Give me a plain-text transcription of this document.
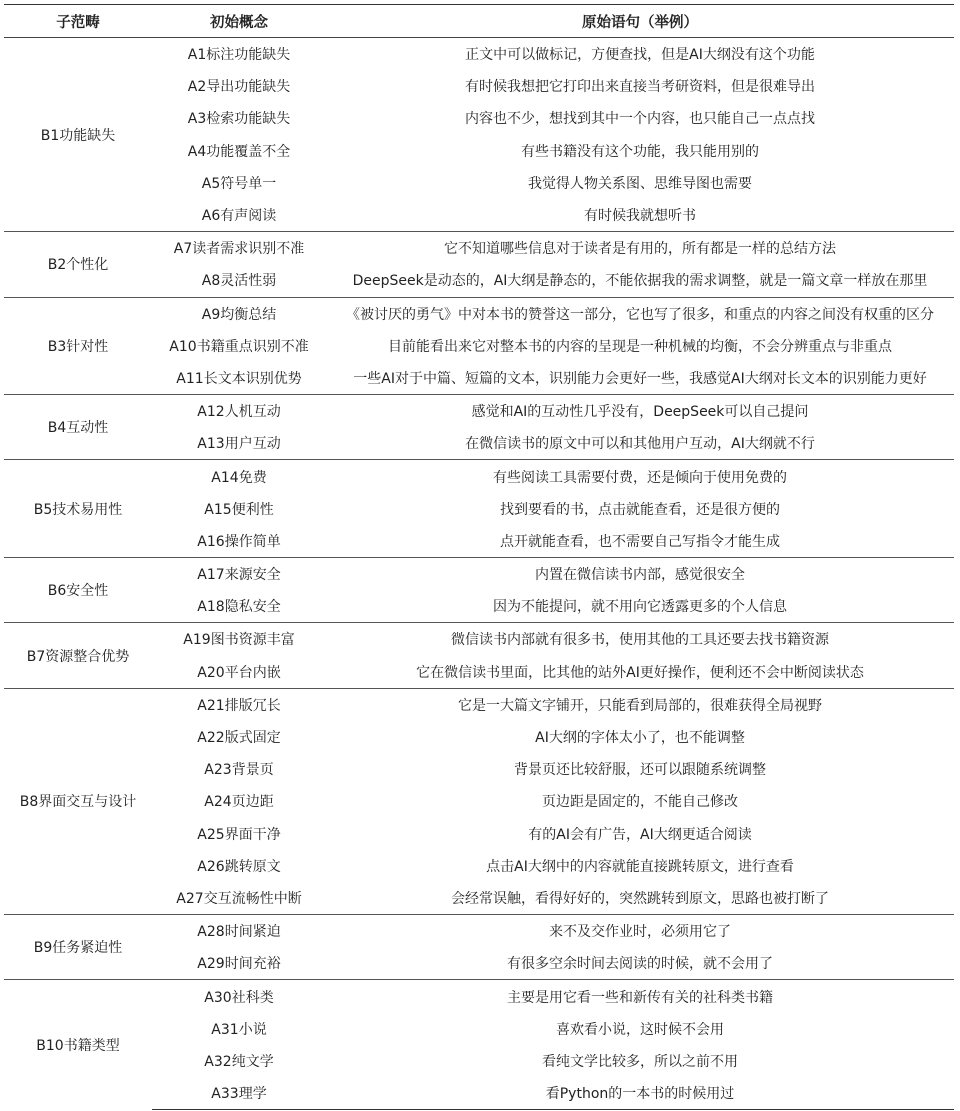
子范畴	初始概念	原始语句（举例）
B1功能缺失	A1标注功能缺失	正文中可以做标记，方便查找，但是AI大纲没有这个功能
	A2导出功能缺失	有时候我想把它打印出来直接当考研资料，但是很难导出
	A3检索功能缺失	内容也不少，想找到其中一个内容，也只能自己一点点找
	A4功能覆盖不全	有些书籍没有这个功能，我只能用别的
	A5符号单一	我觉得人物关系图、思维导图也需要
	A6有声阅读	有时候我就想听书
B2个性化	A7读者需求识别不准	它不知道哪些信息对于读者是有用的，所有都是一样的总结方法
	A8灵活性弱	DeepSeek是动态的，AI大纲是静态的，不能依据我的需求调整，就是一篇文章一样放在那里
B3针对性	A9均衡总结	《被讨厌的勇气》中对本书的赞誉这一部分，它也写了很多，和重点的内容之间没有权重的区分
	A10书籍重点识别不准	目前能看出来它对整本书的内容的呈现是一种机械的均衡，不会分辨重点与非重点
	A11长文本识别优势	一些AI对于中篇、短篇的文本，识别能力会更好一些，我感觉AI大纲对长文本的识别能力更好
B4互动性	A12人机互动	感觉和AI的互动性几乎没有，DeepSeek可以自己提问
	A13用户互动	在微信读书的原文中可以和其他用户互动，AI大纲就不行
B5技术易用性	A14免费	有些阅读工具需要付费，还是倾向于使用免费的
	A15便利性	找到要看的书，点击就能查看，还是很方便的
	A16操作简单	点开就能查看，也不需要自己写指令才能生成
B6安全性	A17来源安全	内置在微信读书内部，感觉很安全
	A18隐私安全	因为不能提问，就不用向它透露更多的个人信息
B7资源整合优势	A19图书资源丰富	微信读书内部就有很多书，使用其他的工具还要去找书籍资源
	A20平台内嵌	它在微信读书里面，比其他的站外AI更好操作，便利还不会中断阅读状态
B8界面交互与设计	A21排版冗长	它是一大篇文字铺开，只能看到局部的，很难获得全局视野
	A22版式固定	AI大纲的字体太小了，也不能调整
	A23背景页	背景页还比较舒服，还可以跟随系统调整
	A24页边距	页边距是固定的，不能自己修改
	A25界面干净	有的AI会有广告，AI大纲更适合阅读
	A26跳转原文	点击AI大纲中的内容就能直接跳转原文，进行查看
	A27交互流畅性中断	会经常误触，看得好好的，突然跳转到原文，思路也被打断了
B9任务紧迫性	A28时间紧迫	来不及交作业时，必须用它了
	A29时间充裕	有很多空余时间去阅读的时候，就不会用了
B10书籍类型	A30社科类	主要是用它看一些和新传有关的社科类书籍
	A31小说	喜欢看小说，这时候不会用
	A32纯文学	看纯文学比较多，所以之前不用
	A33理学	看Python的一本书的时候用过
